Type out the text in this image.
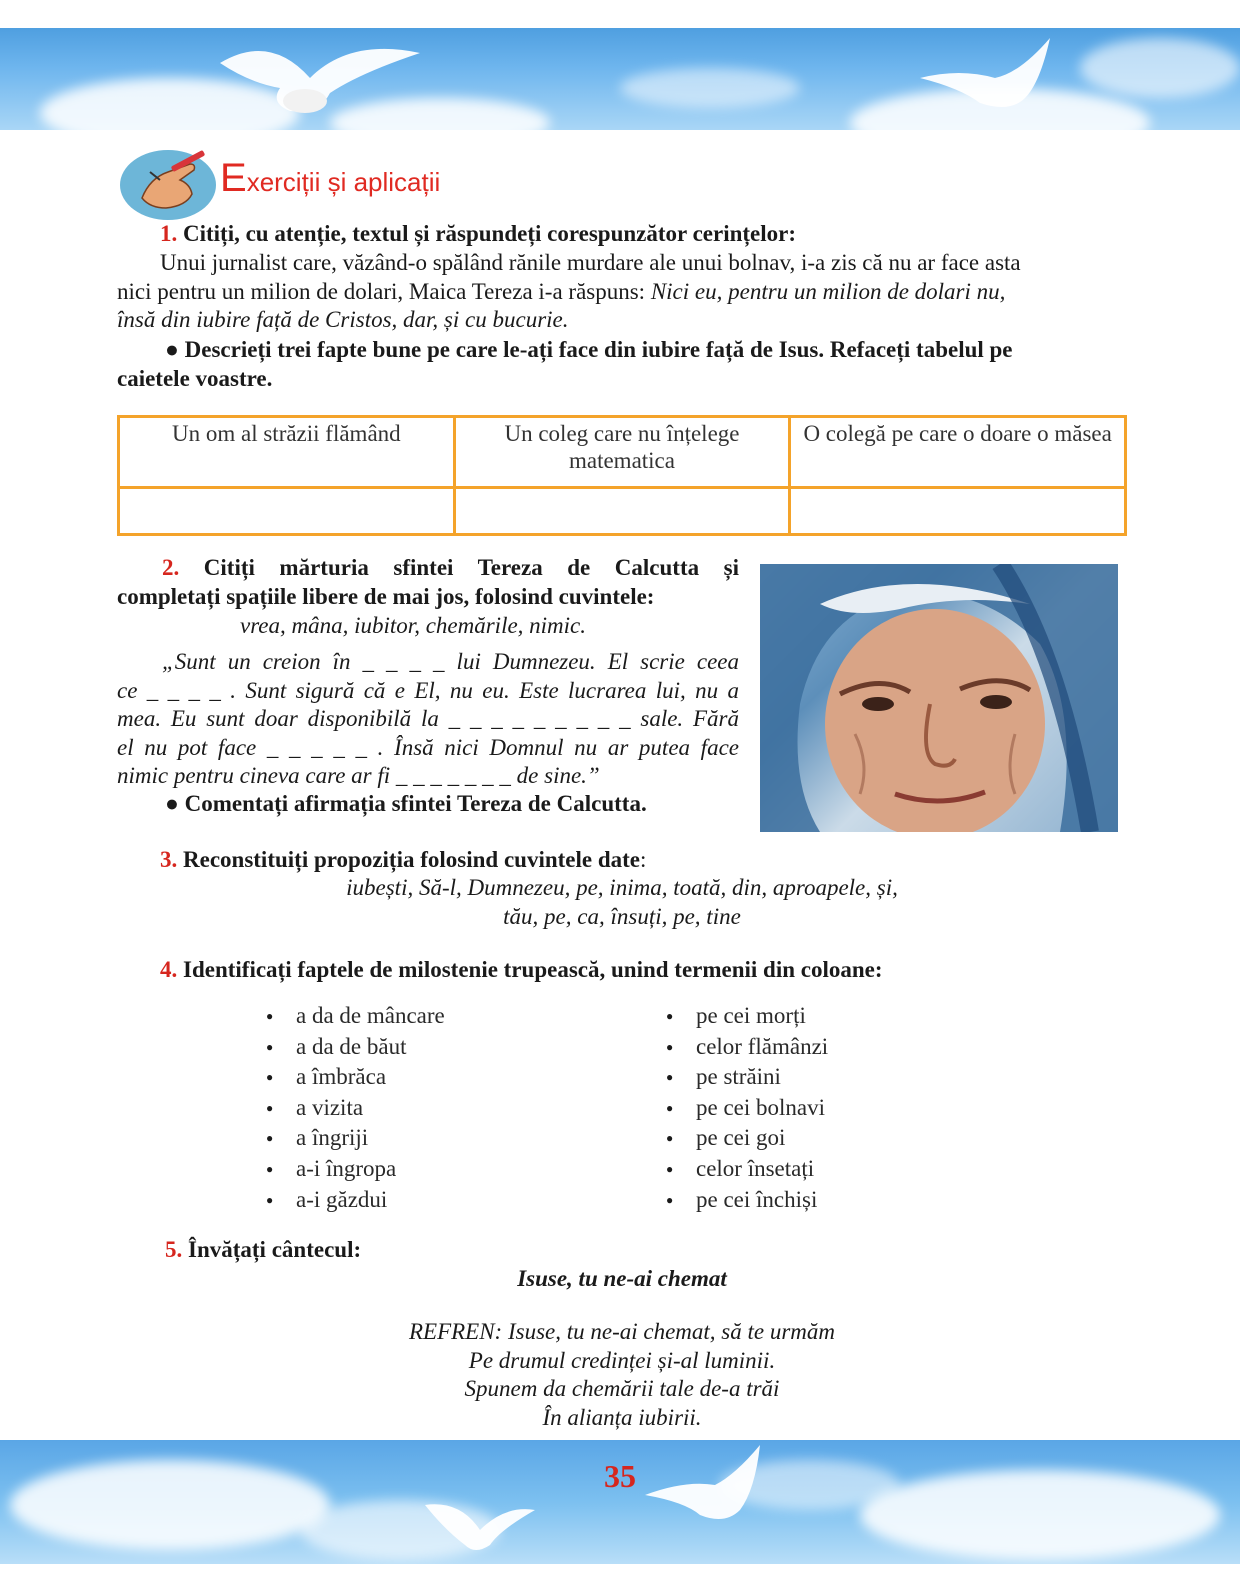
Exerciții și aplicații
1. Citiți, cu atenție, textul și răspundeți corespunzător cerințelor:
Unui jurnalist care, văzând-o spălând rănile murdare ale unui bolnav, i-a zis că nu ar face asta
nici pentru un milion de dolari, Maica Tereza i-a răspuns: Nici eu, pentru un milion de dolari nu,
însă din iubire față de Cristos, dar, și cu bucurie.
● Descrieți trei fapte bune pe care le-ați face din iubire față de Isus. Refaceți tabelul pe
caietele voastre.
Un om al străzii flămând	Un coleg care nu înțelege matematica	O colegă pe care o doare o măsea

2. Citiți mărturia sfintei Tereza de Calcutta și
completați spațiile libere de mai jos, folosind cuvintele:
vrea, mâna, iubitor, chemările, nimic.
„Sunt un creion în _ _ _ _ lui Dumnezeu. El scrie ceea
ce _ _ _ _ . Sunt sigură că e El, nu eu. Este lucrarea lui, nu a
mea. Eu sunt doar disponibilă la _ _ _ _ _ _ _ _ _ sale. Fără
el nu pot face _ _ _ _ _ . Însă nici Domnul nu ar putea face
nimic pentru cineva care ar fi _ _ _ _ _ _ _ de sine.”
● Comentați afirmația sfintei Tereza de Calcutta.
3. Reconstituiți propoziția folosind cuvintele date:
iubești, Să-l, Dumnezeu, pe, inima, toată, din, aproapele, și,
tău, pe, ca, însuți, pe, tine
4. Identificați faptele de milostenie trupească, unind termenii din coloane:
● a da de mâncare
● a da de băut
● a îmbrăca
● a vizita
● a îngriji
● a-i îngropa
● a-i găzdui
● pe cei morți
● celor flămânzi
● pe străini
● pe cei bolnavi
● pe cei goi
● celor însetați
● pe cei închiși
5. Învățați cântecul:
Isuse, tu ne-ai chemat
REFREN: Isuse, tu ne-ai chemat, să te urmăm
Pe drumul credinței și-al luminii.
Spunem da chemării tale de-a trăi
În alianța iubirii.
35
